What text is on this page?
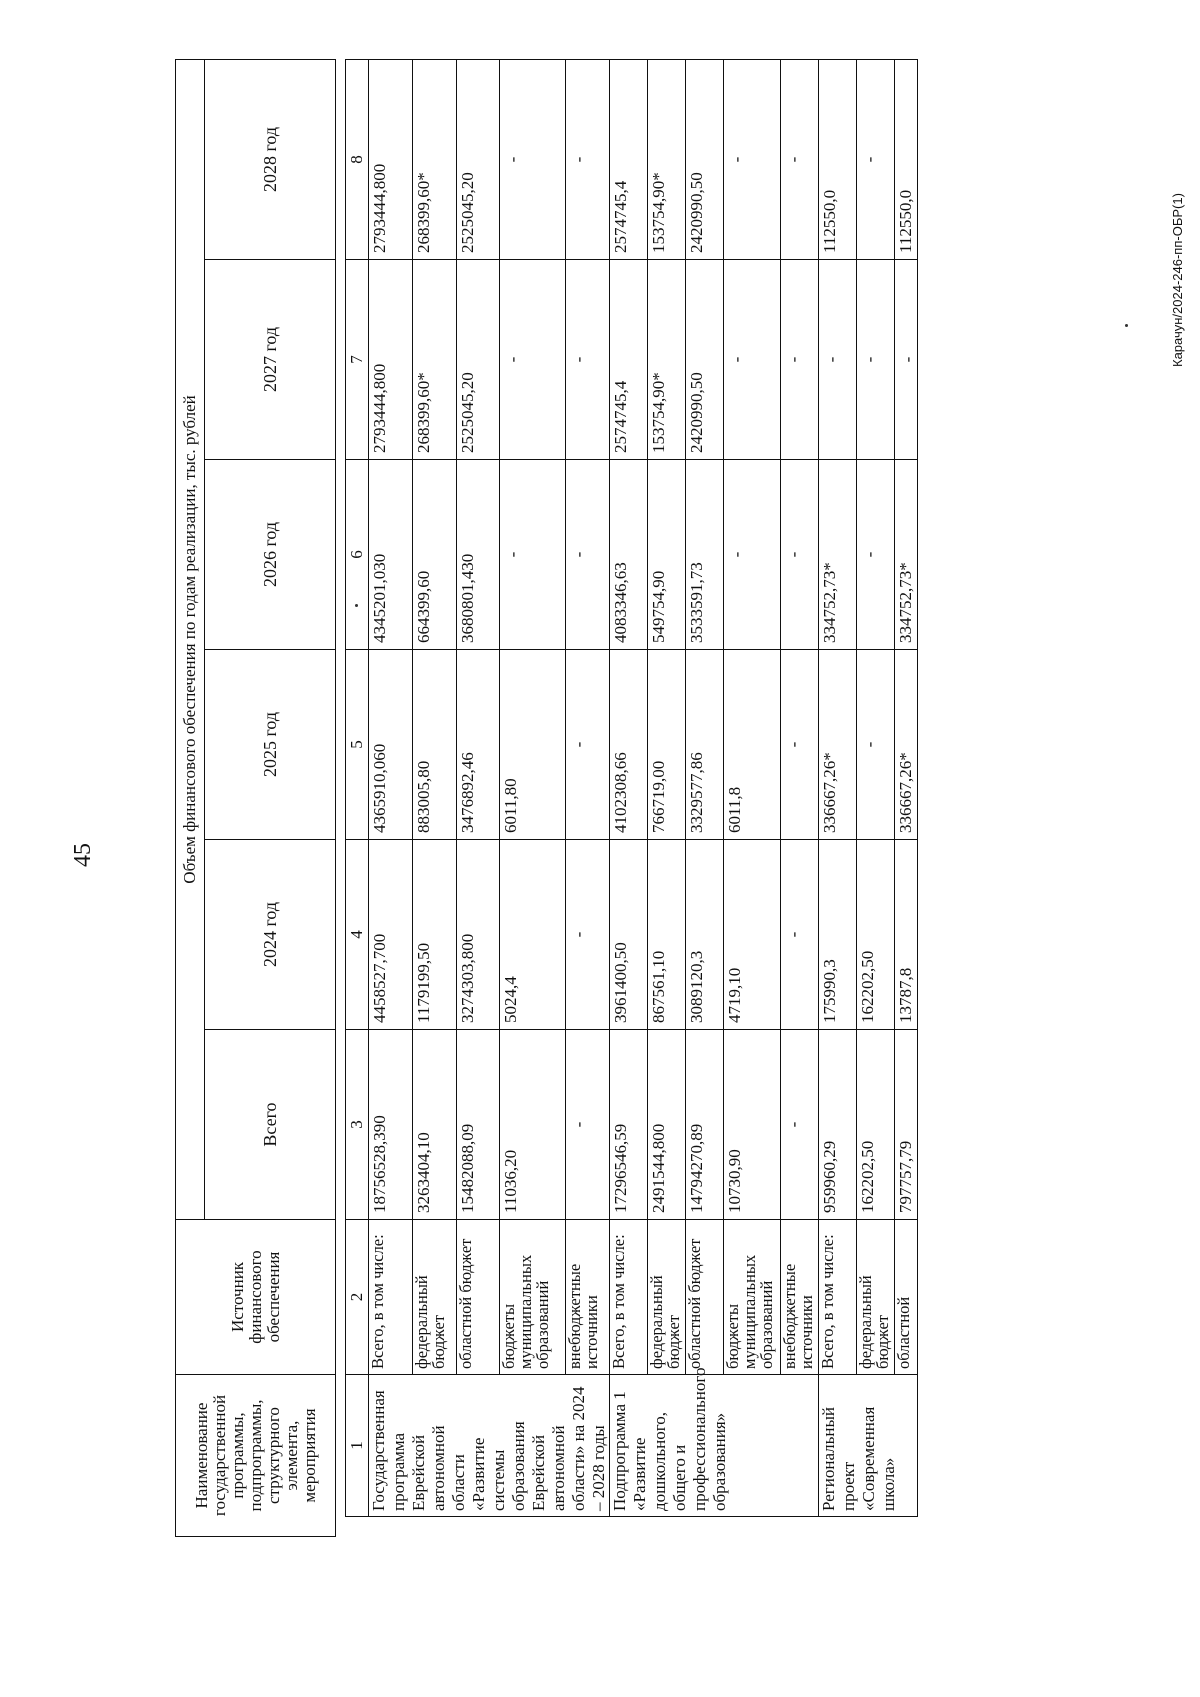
45
Наименование государственной программы, подпрограммы, структурного элемента, мероприятия	Источник финансового обеспечения	Объем финансового обеспечения по годам реализации, тыс. рублей					
		Всего	2024 год	2025 год	2026 год	2027 год	2028 год
1	2	3	4	5	6	7	8
Государственная программа Еврейской автономной области «Развитие системы образования Еврейской автономной области» на 2024 – 2028 годы	Всего, в том числе:	18756528,390	4458527,700	4365910,060	4345201,030	2793444,800	2793444,800
	федеральный бюджет	3263404,10	1179199,50	883005,80	664399,60	268399,60*	268399,60*
	областной бюджет	15482088,09	3274303,800	3476892,46	3680801,430	2525045,20	2525045,20
	бюджеты муниципальных образований	11036,20	5024,4	6011,80	-	-	-
	внебюджетные источники	-	-	-	-	-	-
Подпрограмма 1 «Развитие дошкольного, общего и профессионального образования»	Всего, в том числе:	17296546,59	3961400,50	4102308,66	4083346,63	2574745,4	2574745,4
	федеральный бюджет	2491544,800	867561,10	766719,00	549754,90	153754,90*	153754,90*
	областной бюджет	14794270,89	3089120,3	3329577,86	3533591,73	2420990,50	2420990,50
	бюджеты муниципальных образований	10730,90	4719,10	6011,8	-	-	-
	внебюджетные источники	-	-	-	-	-	-
Региональный проект «Современная школа»	Всего, в том числе:	959960,29	175990,3	336667,26*	334752,73*	-	112550,0
	федеральный бюджет	162202,50	162202,50	-	-	-	-
	областной	797757,79	13787,8	336667,26*	334752,73*	-	112550,0	Карачун/2024-246-пп-ОБР(1)
